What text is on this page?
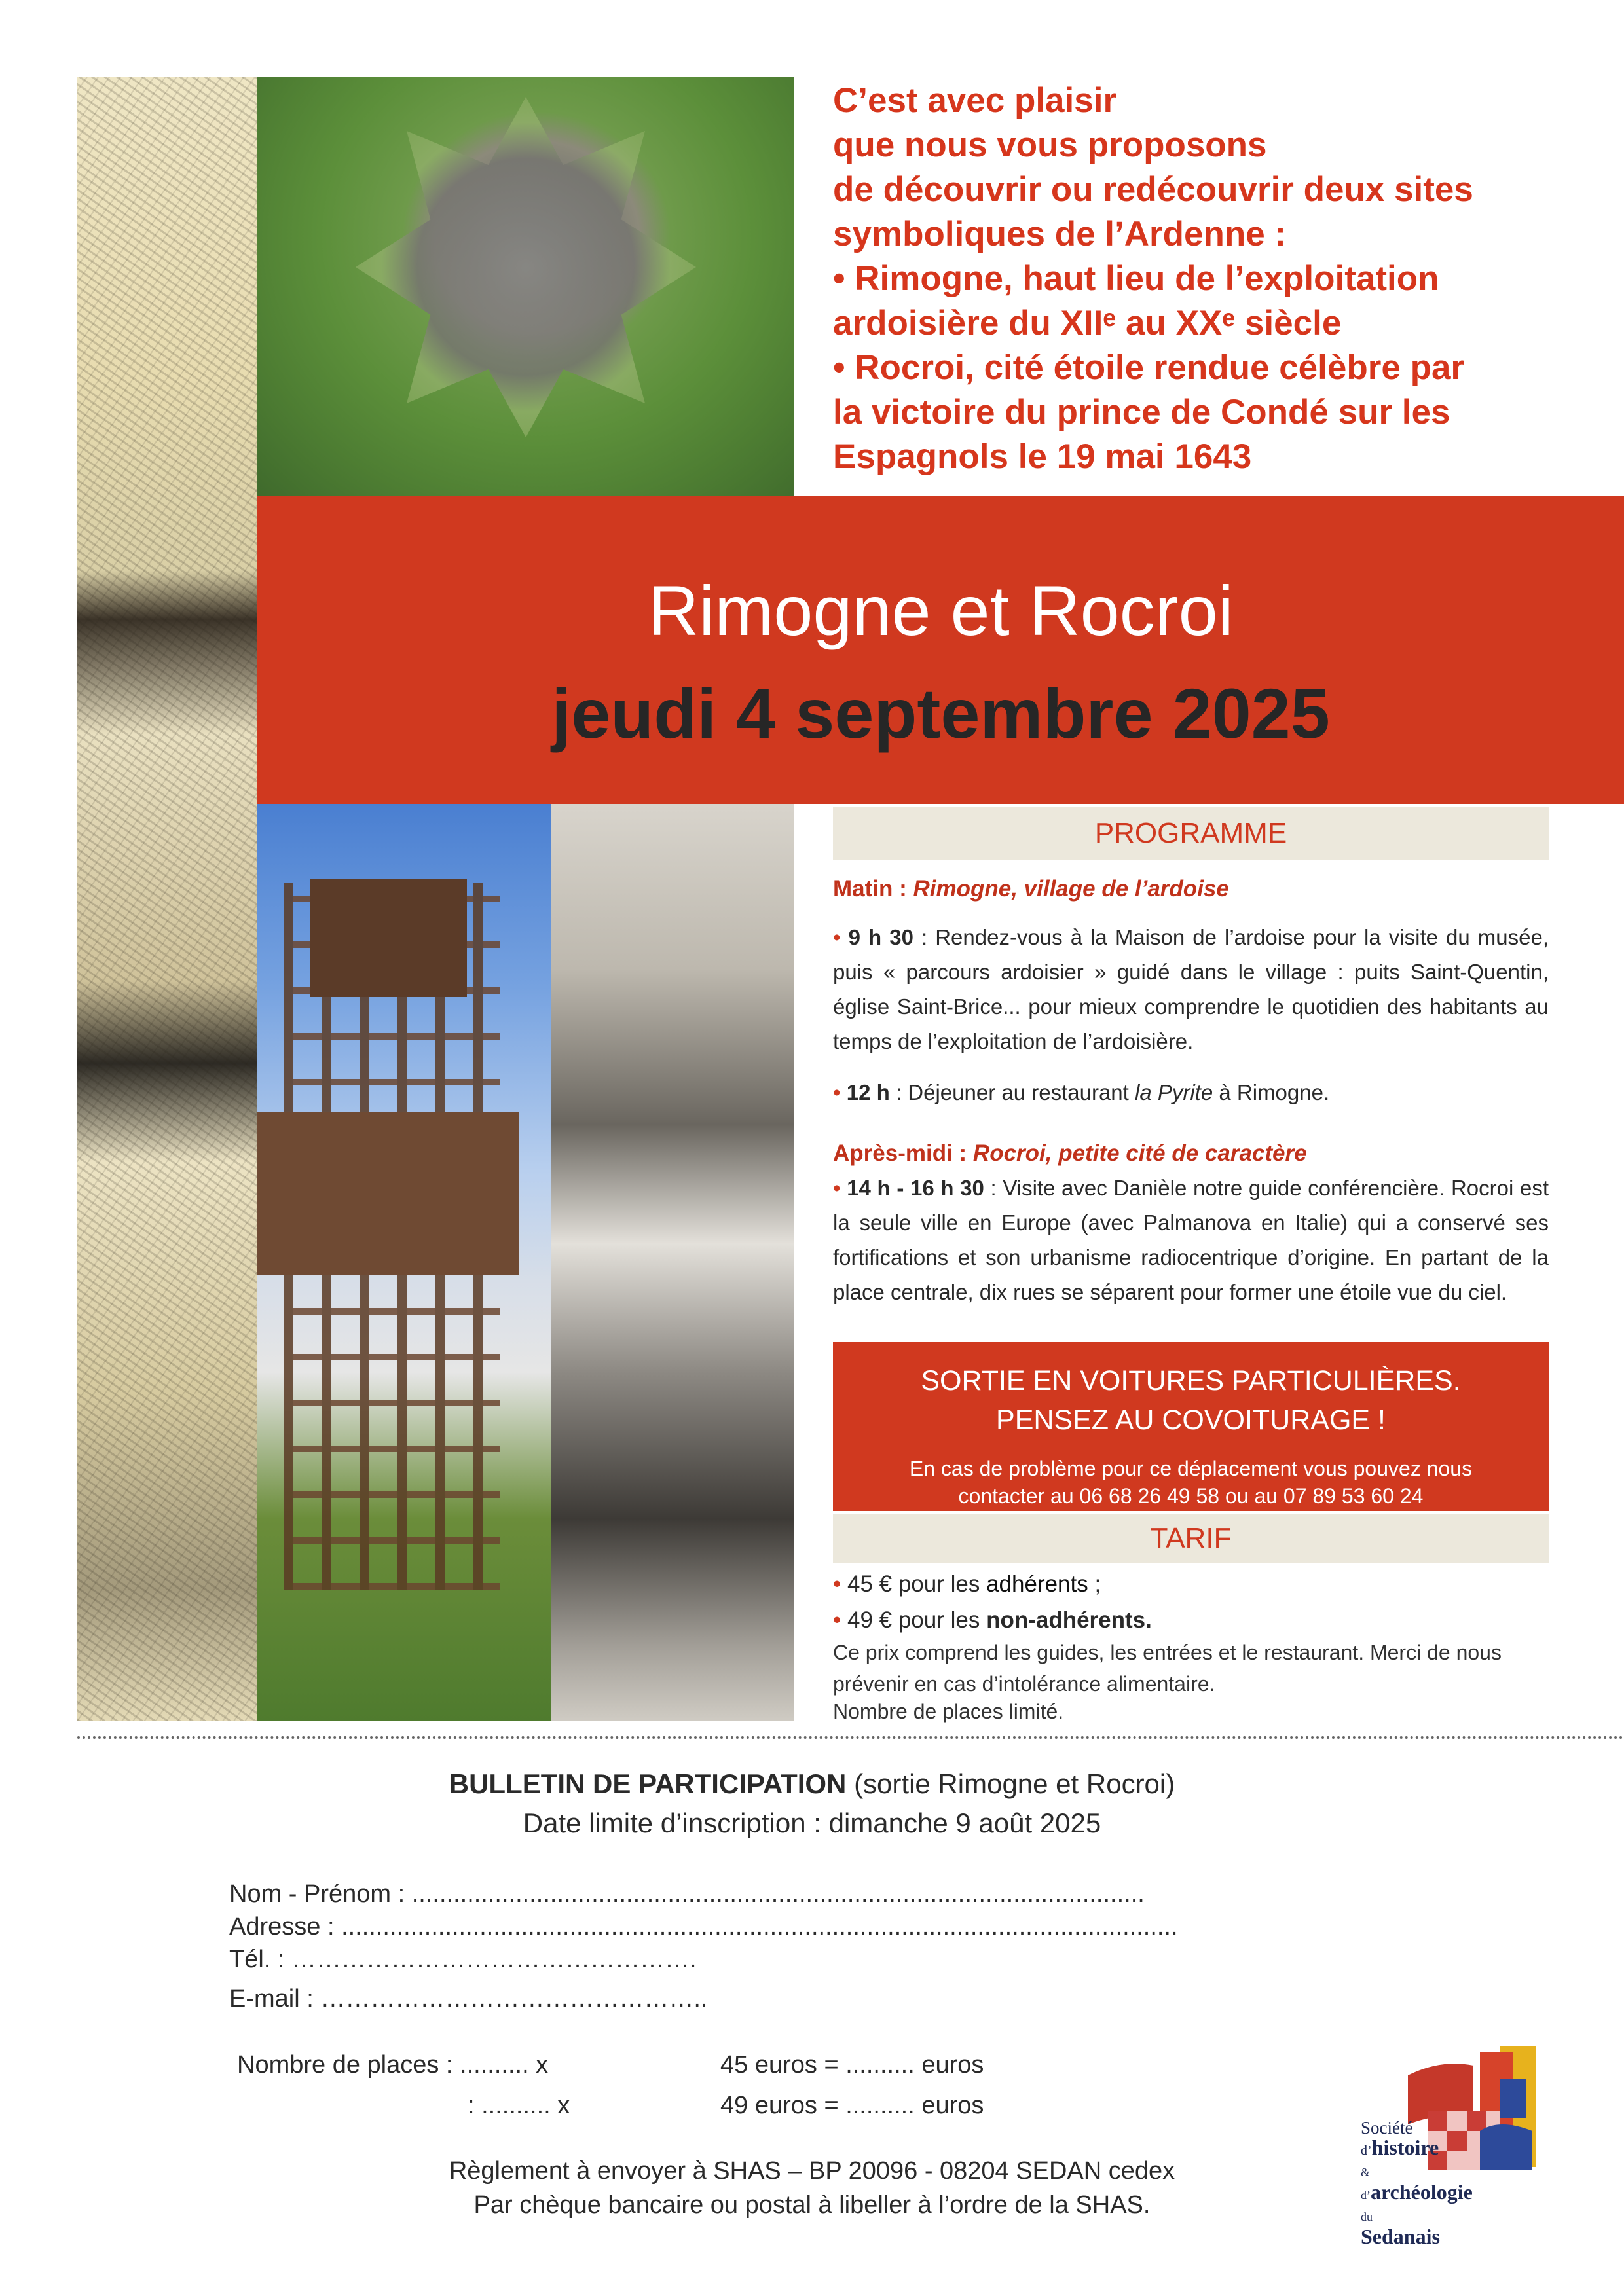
C’est avec plaisir
que nous vous proposons
de découvrir ou redécouvrir deux sites
symboliques de l’Ardenne :
• Rimogne, haut lieu de l’exploitation
ardoisière du XIIᵉ au XXᵉ siècle
• Rocroi, cité étoile rendue célèbre par
la victoire du prince de Condé sur les
Espagnols le 19 mai 1643
Rimogne et Rocroi
jeudi 4 septembre 2025
PROGRAMME
Matin : Rimogne, village de l’ardoise
• 9 h 30 : Rendez-vous à la Maison de l’ardoise pour la visite du musée, puis « parcours ardoisier » guidé dans le village : puits Saint-Quentin, église Saint-Brice... pour mieux comprendre le quotidien des habitants au temps de l’exploitation de l’ardoisière.
• 12 h : Déjeuner au restaurant la Pyrite à Rimogne.
Après-midi : Rocroi, petite cité de caractère
• 14 h - 16 h 30 : Visite avec Danièle notre guide conférencière. Rocroi est la seule ville en Europe (avec Palmanova en Italie) qui a conservé ses fortifications et son urbanisme radiocentrique d’origine. En partant de la place centrale, dix rues se séparent pour former une étoile vue du ciel.
SORTIE EN VOITURES PARTICULIÈRES.
PENSEZ AU COVOITURAGE !
En cas de problème pour ce déplacement vous pouvez nous
contacter au 06 68 26 49 58 ou au 07 89 53 60 24
TARIF
• 45 € pour les adhérents ;
• 49 € pour les non-adhérents.
Ce prix comprend les guides, les entrées et le restaurant. Merci de nous prévenir en cas d’intolérance alimentaire.
Nombre de places limité.
BULLETIN DE PARTICIPATION (sortie Rimogne et Rocroi)
Date limite d’inscription : dimanche 9 août 2025
Nom - Prénom : ..........................................................................................................
Adresse : .........................................................................................................................
Tél. : ………………………………………….
E-mail : ………………………………………..
Nombre de places : .......... x	45 euros = .......... euros
: .......... x	49 euros = .......... euros
Règlement à envoyer à SHAS – BP 20096 - 08204 SEDAN cedex
Par chèque bancaire ou postal à libeller à l’ordre de la SHAS.
Société
d’histoire
& d’archéologie
du Sedanais
